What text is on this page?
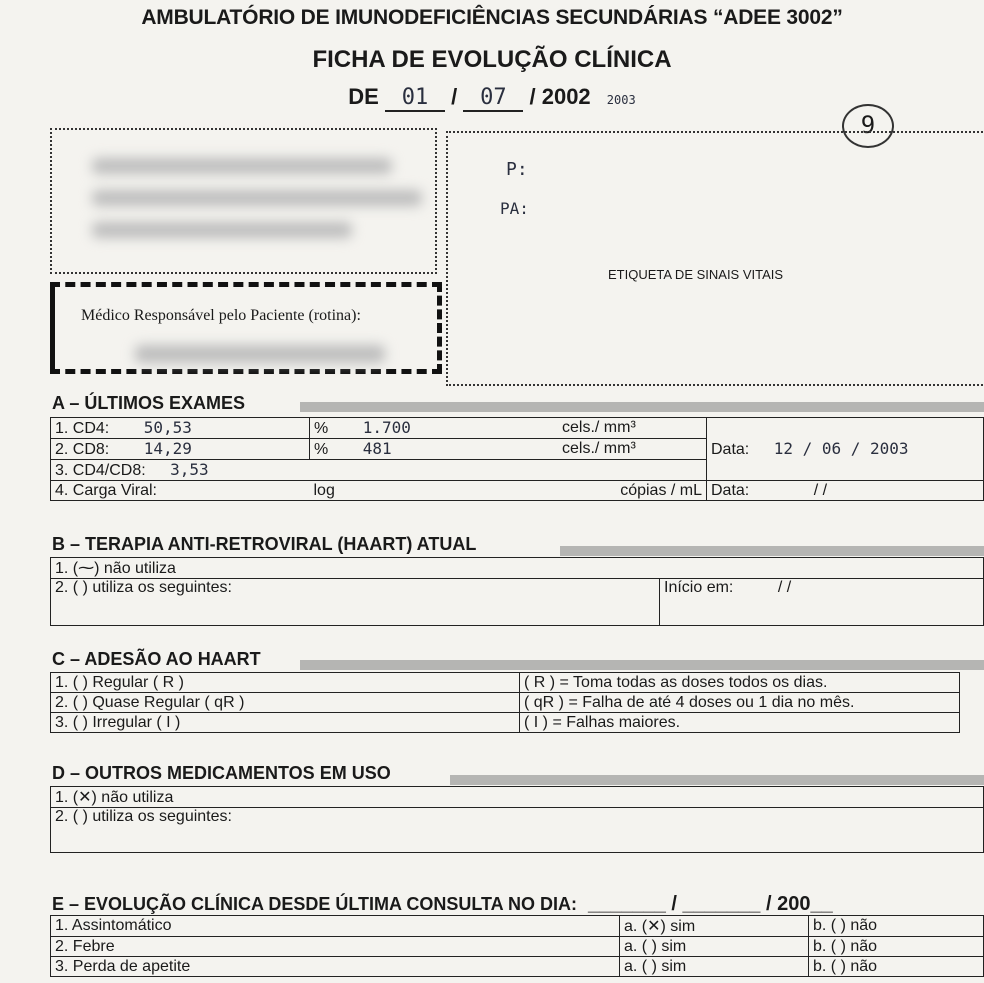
AMBULATÓRIO DE IMUNODEFICIÊNCIAS SECUNDÁRIAS “ADEE 3002”
FICHA DE EVOLUÇÃO CLÍNICA
DE 01 / 07 / 2002 2003
9
Médico Responsável pelo Paciente (rotina):
P:
PA:
ETIQUETA DE SINAIS VITAIS
A – ÚLTIMOS EXAMES
1. CD4: 50,53	% 1.700	cels./ mm³	Data: 12 / 06 / 2003
2. CD8: 14,29	% 481	cels./ mm³	
3. CD4/CD8: 3,53			
4. Carga Viral:	log	cópias / mL	Data: / /
B – TERAPIA ANTI-RETROVIRAL (HAART) ATUAL
1. (⁓) não utiliza
2. ( ) utiliza os seguintes:	Início em:	/ /
C – ADESÃO AO HAART
1. ( ) Regular ( R )	( R ) = Toma todas as doses todos os dias.
2. ( ) Quase Regular ( qR )	( qR ) = Falha de até 4 doses ou 1 dia no mês.
3. ( ) Irregular ( I )	( I ) = Falhas maiores.
D – OUTROS MEDICAMENTOS EM USO
1. (✕) não utiliza
2. ( ) utiliza os seguintes:
E – EVOLUÇÃO CLÍNICA DESDE ÚLTIMA CONSULTA NO DIA: _______ / _______ / 200__
1. Assintomático	a. (✕) sim	b. ( ) não
2. Febre	a. ( ) sim	b. ( ) não
3. Perda de apetite	a. ( ) sim	b. ( ) não
